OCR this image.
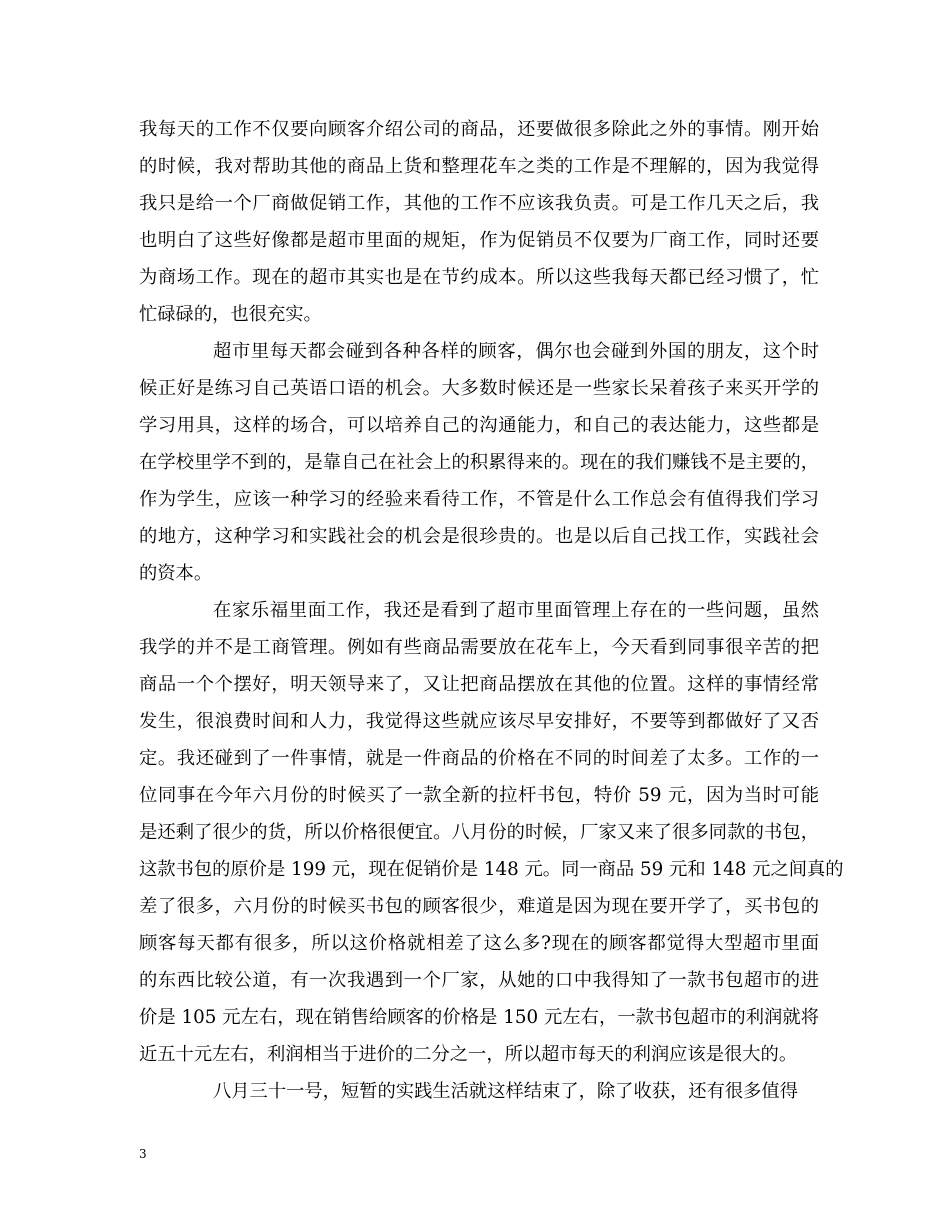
我每天的工作不仅要向顾客介绍公司的商品，还要做很多除此之外的事情。刚开始
的时候，我对帮助其他的商品上货和整理花车之类的工作是不理解的，因为我觉得
我只是给一个厂商做促销工作，其他的工作不应该我负责。可是工作几天之后，我
也明白了这些好像都是超市里面的规矩，作为促销员不仅要为厂商工作，同时还要
为商场工作。现在的超市其实也是在节约成本。所以这些我每天都已经习惯了，忙
忙碌碌的，也很充实。
超市里每天都会碰到各种各样的顾客，偶尔也会碰到外国的朋友，这个时
候正好是练习自己英语口语的机会。大多数时候还是一些家长呆着孩子来买开学的
学习用具，这样的场合，可以培养自己的沟通能力，和自己的表达能力，这些都是
在学校里学不到的，是靠自己在社会上的积累得来的。现在的我们赚钱不是主要的，
作为学生，应该一种学习的经验来看待工作，不管是什么工作总会有值得我们学习
的地方，这种学习和实践社会的机会是很珍贵的。也是以后自己找工作，实践社会
的资本。
在家乐福里面工作，我还是看到了超市里面管理上存在的一些问题，虽然
我学的并不是工商管理。例如有些商品需要放在花车上，今天看到同事很辛苦的把
商品一个个摆好，明天领导来了，又让把商品摆放在其他的位置。这样的事情经常
发生，很浪费时间和人力，我觉得这些就应该尽早安排好，不要等到都做好了又否
定。我还碰到了一件事情，就是一件商品的价格在不同的时间差了太多。工作的一
位同事在今年六月份的时候买了一款全新的拉杆书包，特价 59 元，因为当时可能
是还剩了很少的货，所以价格很便宜。八月份的时候，厂家又来了很多同款的书包，
这款书包的原价是 199 元，现在促销价是 148 元。同一商品 59 元和 148 元之间真的
差了很多，六月份的时候买书包的顾客很少，难道是因为现在要开学了，买书包的
顾客每天都有很多，所以这价格就相差了这么多?现在的顾客都觉得大型超市里面
的东西比较公道，有一次我遇到一个厂家，从她的口中我得知了一款书包超市的进
价是 105 元左右，现在销售给顾客的价格是 150 元左右，一款书包超市的利润就将
近五十元左右，利润相当于进价的二分之一，所以超市每天的利润应该是很大的。
八月三十一号，短暂的实践生活就这样结束了，除了收获，还有很多值得
3
